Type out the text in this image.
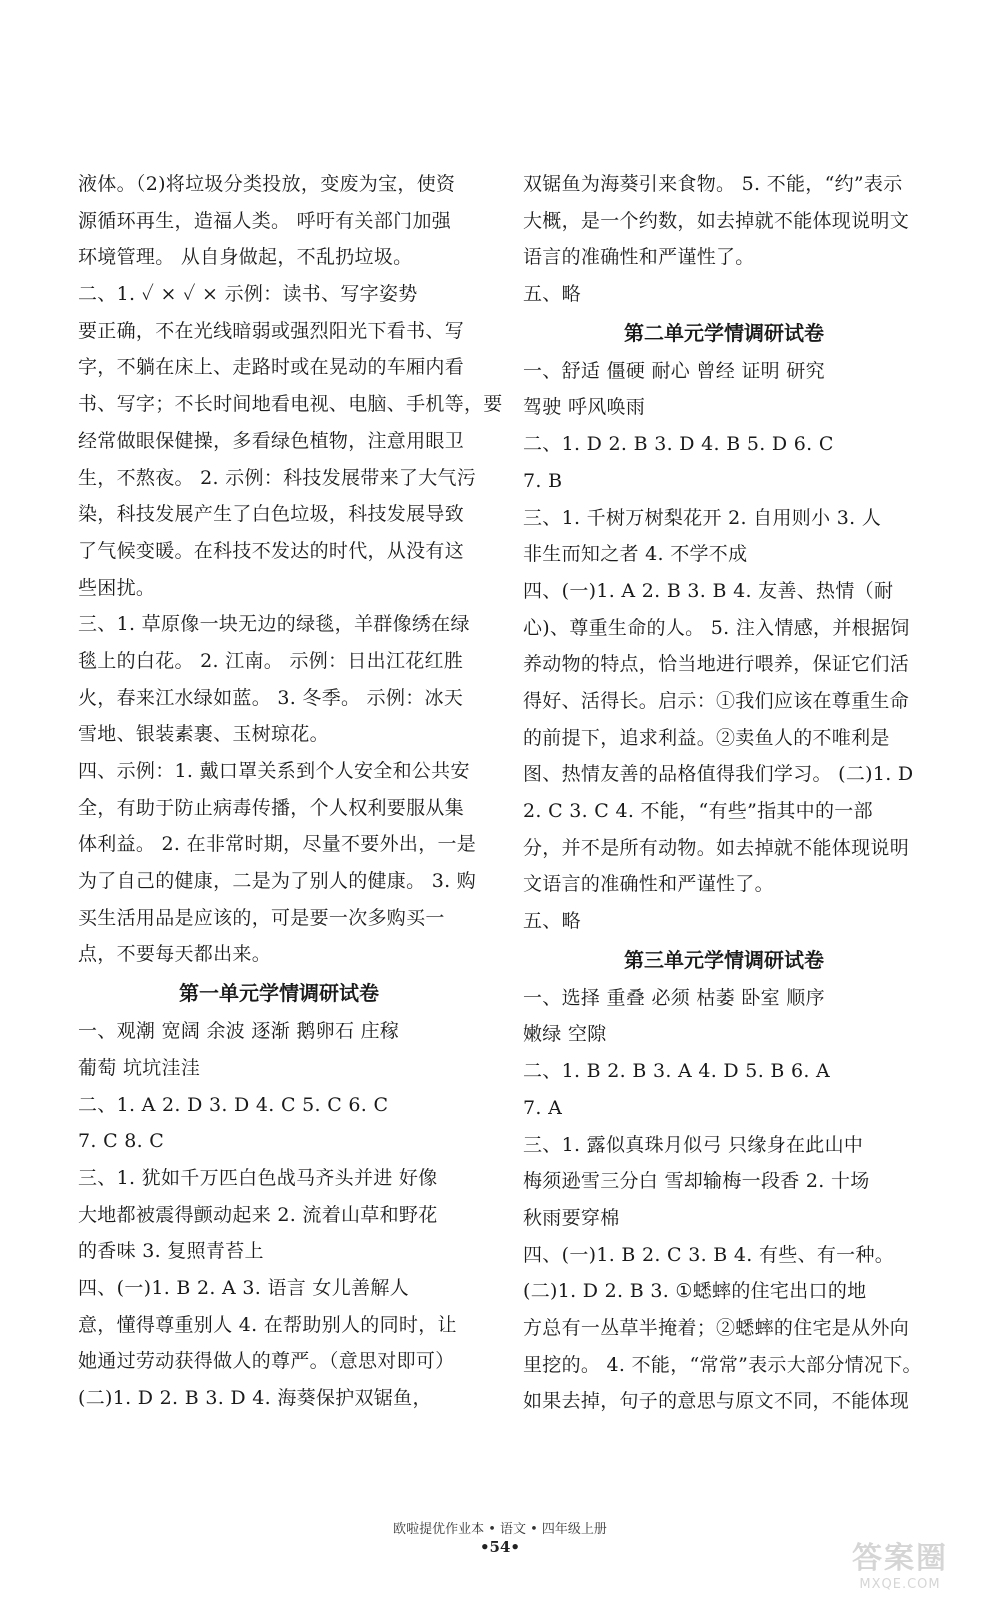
液体。（2)将垃圾分类投放，变废为宝，使资
源循环再生，造福人类。 呼吁有关部门加强
环境管理。 从自身做起，不乱扔垃圾。
二、1. ✓ × ✓ × 示例：读书、写字姿势
要正确，不在光线暗弱或强烈阳光下看书、写
字，不躺在床上、走路时或在晃动的车厢内看
书、写字；不长时间地看电视、电脑、手机等，要
经常做眼保健操，多看绿色植物，注意用眼卫
生，不熬夜。 2. 示例：科技发展带来了大气污
染，科技发展产生了白色垃圾，科技发展导致
了气候变暖。在科技不发达的时代，从没有这
些困扰。
三、1. 草原像一块无边的绿毯，羊群像绣在绿
毯上的白花。 2. 江南。 示例：日出江花红胜
火，春来江水绿如蓝。 3. 冬季。 示例：冰天
雪地、银装素裹、玉树琼花。
四、示例：1. 戴口罩关系到个人安全和公共安
全，有助于防止病毒传播，个人权利要服从集
体利益。 2. 在非常时期，尽量不要外出，一是
为了自己的健康，二是为了别人的健康。 3. 购
买生活用品是应该的，可是要一次多购买一
点，不要每天都出来。
第一单元学情调研试卷
一、观潮 宽阔 余波 逐渐 鹅卵石 庄稼
葡萄 坑坑洼洼
二、1. A 2. D 3. D 4. C 5. C 6. C
7. C 8. C
三、1. 犹如千万匹白色战马齐头并进 好像
大地都被震得颤动起来 2. 流着山草和野花
的香味 3. 复照青苔上
四、(一)1. B 2. A 3. 语言 女儿善解人
意，懂得尊重别人 4. 在帮助别人的同时，让
她通过劳动获得做人的尊严。（意思对即可）
(二)1. D 2. B 3. D 4. 海葵保护双锯鱼，
双锯鱼为海葵引来食物。 5. 不能，“约”表示
大概，是一个约数，如去掉就不能体现说明文
语言的准确性和严谨性了。
五、略
第二单元学情调研试卷
一、舒适 僵硬 耐心 曾经 证明 研究
驾驶 呼风唤雨
二、1. D 2. B 3. D 4. B 5. D 6. C
7. B
三、1. 千树万树梨花开 2. 自用则小 3. 人
非生而知之者 4. 不学不成
四、(一)1. A 2. B 3. B 4. 友善、热情（耐
心)、尊重生命的人。 5. 注入情感，并根据饲
养动物的特点，恰当地进行喂养，保证它们活
得好、活得长。启示：①我们应该在尊重生命
的前提下，追求利益。②卖鱼人的不唯利是
图、热情友善的品格值得我们学习。 (二)1. D
2. C 3. C 4. 不能，“有些”指其中的一部
分，并不是所有动物。如去掉就不能体现说明
文语言的准确性和严谨性了。
五、略
第三单元学情调研试卷
一、选择 重叠 必须 枯萎 卧室 顺序
嫩绿 空隙
二、1. B 2. B 3. A 4. D 5. B 6. A
7. A
三、1. 露似真珠月似弓 只缘身在此山中
梅须逊雪三分白 雪却输梅一段香 2. 十场
秋雨要穿棉
四、(一)1. B 2. C 3. B 4. 有些、有一种。
(二)1. D 2. B 3. ①蟋蟀的住宅出口的地
方总有一丛草半掩着；②蟋蟀的住宅是从外向
里挖的。 4. 不能，“常常”表示大部分情况下。
如果去掉，句子的意思与原文不同，不能体现
欧啦提优作业本 • 语文 • 四年级上册
•54•	答案圈
MXQE.COM
